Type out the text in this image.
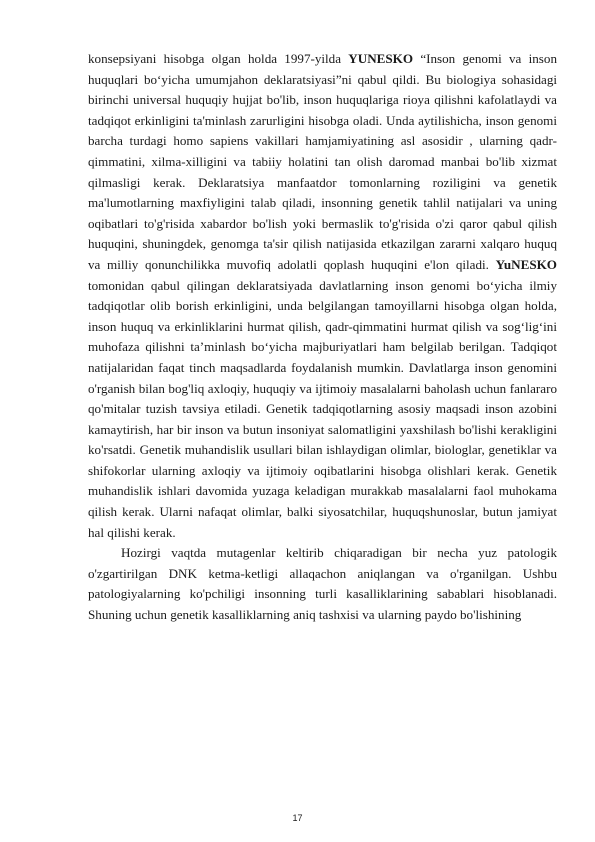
konsepsiyani hisobga olgan holda 1997-yilda YUNESKO “Inson genomi va inson huquqlari bo‘yicha umumjahon deklaratsiyasi”ni qabul qildi. Bu biologiya sohasidagi birinchi universal huquqiy hujjat bo'lib, inson huquqlariga rioya qilishni kafolatlaydi va tadqiqot erkinligini ta'minlash zarurligini hisobga oladi. Unda aytilishicha, inson genomi barcha turdagi homo sapiens vakillari hamjamiyatining asl asosidir , ularning qadr-qimmatini, xilma-xilligini va tabiiy holatini tan olish daromad manbai bo'lib xizmat qilmasligi kerak. Deklaratsiya manfaatdor tomonlarning roziligini va genetik ma'lumotlarning maxfiyligini talab qiladi, insonning genetik tahlil natijalari va uning oqibatlari to'g'risida xabardor bo'lish yoki bermaslik to'g'risida o'zi qaror qabul qilish huquqini, shuningdek, genomga ta'sir qilish natijasida etkazilgan zararni xalqaro huquq va milliy qonunchilikka muvofiq adolatli qoplash huquqini e'lon qiladi. YuNESKO tomonidan qabul qilingan deklaratsiyada davlatlarning inson genomi bo‘yicha ilmiy tadqiqotlar olib borish erkinligini, unda belgilangan tamoyillarni hisobga olgan holda, inson huquq va erkinliklarini hurmat qilish, qadr-qimmatini hurmat qilish va sog‘lig‘ini muhofaza qilishni ta’minlash bo‘yicha majburiyatlari ham belgilab berilgan. Tadqiqot natijalaridan faqat tinch maqsadlarda foydalanish mumkin. Davlatlarga inson genomini o'rganish bilan bog'liq axloqiy, huquqiy va ijtimoiy masalalarni baholash uchun fanlararo qo'mitalar tuzish tavsiya etiladi. Genetik tadqiqotlarning asosiy maqsadi inson azobini kamaytirish, har bir inson va butun insoniyat salomatligini yaxshilash bo'lishi kerakligini ko'rsatdi. Genetik muhandislik usullari bilan ishlaydigan olimlar, biologlar, genetiklar va shifokorlar ularning axloqiy va ijtimoiy oqibatlarini hisobga olishlari kerak. Genetik muhandislik ishlari davomida yuzaga keladigan murakkab masalalarni faol muhokama qilish kerak. Ularni nafaqat olimlar, balki siyosatchilar, huquqshunoslar, butun jamiyat hal qilishi kerak.

Hozirgi vaqtda mutagenlar keltirib chiqaradigan bir necha yuz patologik o'zgartirilgan DNK ketma-ketligi allaqachon aniqlangan va o'rganilgan. Ushbu patologiyalarning ko'pchiligi insonning turli kasalliklarining sabablari hisoblanadi. Shuning uchun genetik kasalliklarning aniq tashxisi va ularning paydo bo'lishining

17
